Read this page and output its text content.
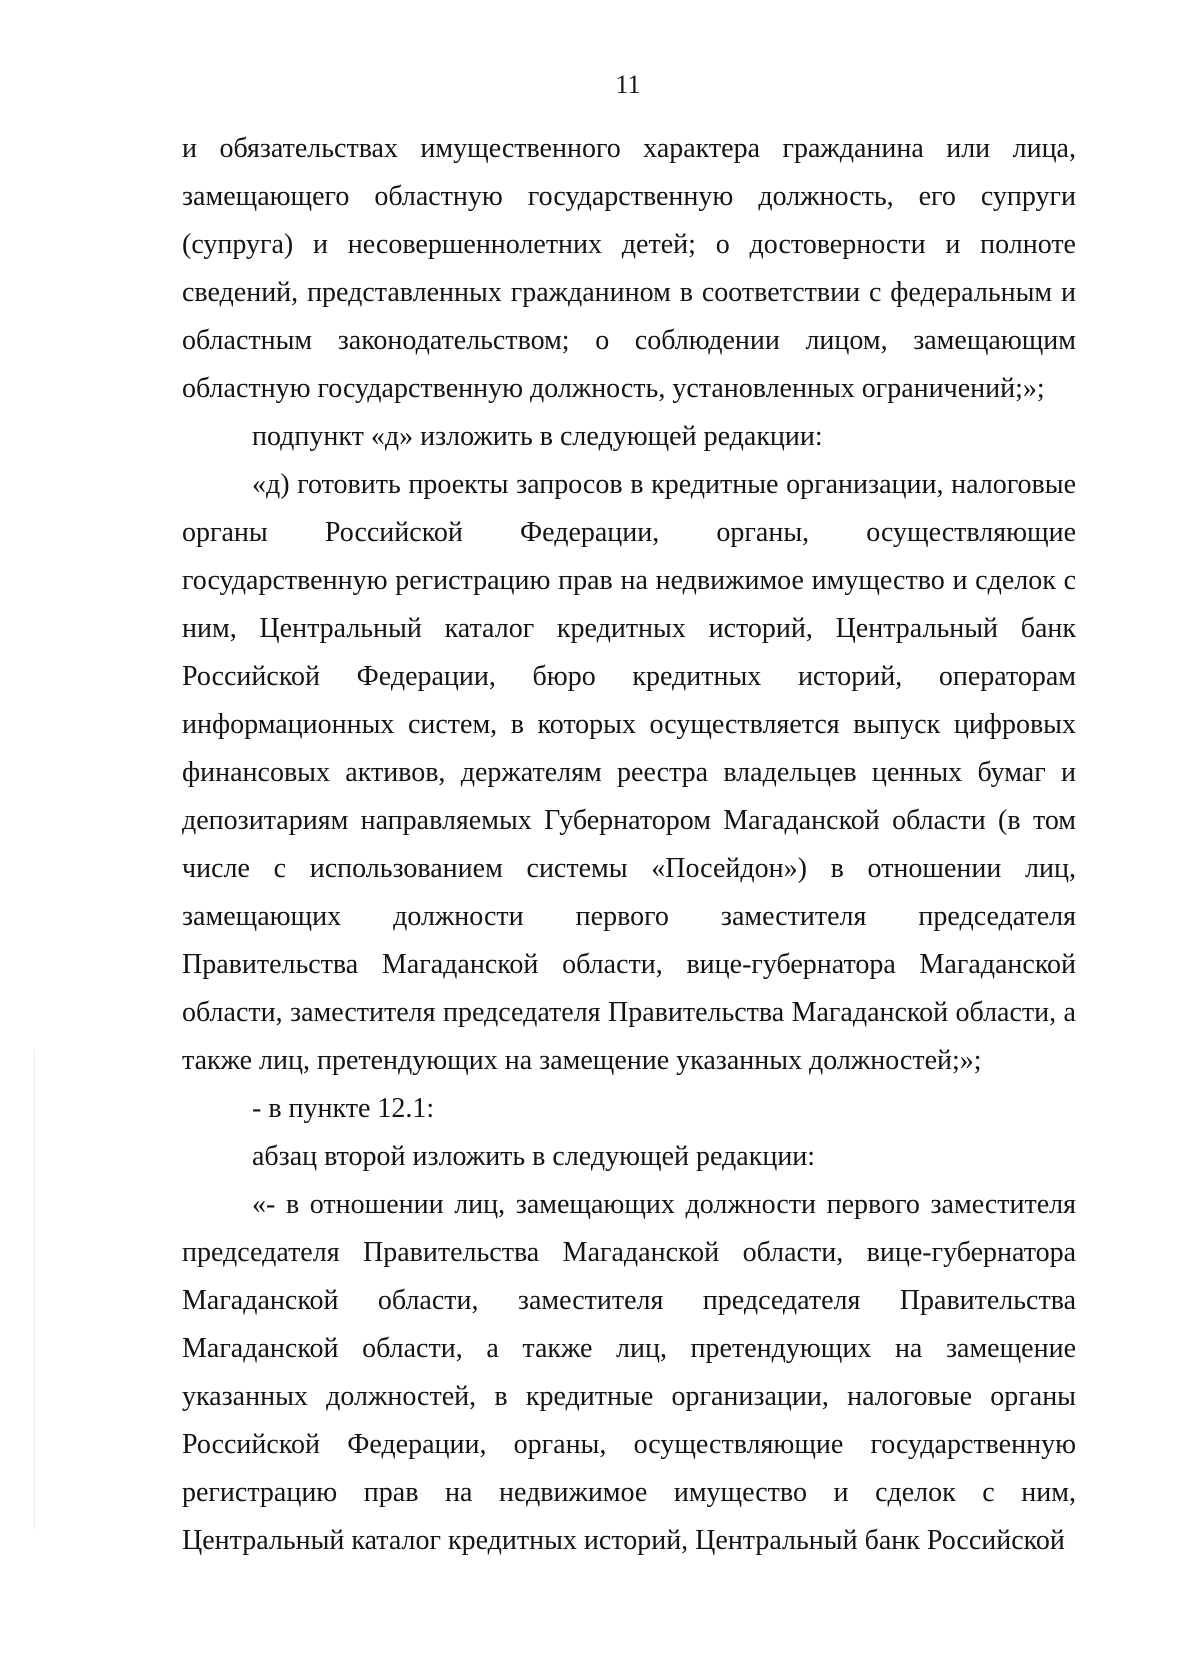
11

и обязательствах имущественного характера гражданина или лица, замещающего областную государственную должность, его супруги (супруга) и несовершеннолетних детей; о достоверности и полноте сведений, представленных гражданином в соответствии с федеральным и областным законодательством; о соблюдении лицом, замещающим областную государственную должность, установленных ограничений;»;

подпункт «д» изложить в следующей редакции:

«д) готовить проекты запросов в кредитные организации, налоговые органы Российской Федерации, органы, осуществляющие государственную регистрацию прав на недвижимое имущество и сделок с ним, Центральный каталог кредитных историй, Центральный банк Российской Федерации, бюро кредитных историй, операторам информационных систем, в которых осуществляется выпуск цифровых финансовых активов, держателям реестра владельцев ценных бумаг и депозитариям направляемых Губернатором Магаданской области (в том числе с использованием системы «Посейдон») в отношении лиц, замещающих должности первого заместителя председателя Правительства Магаданской области, вице-губернатора Магаданской области, заместителя председателя Правительства Магаданской области, а также лиц, претендующих на замещение указанных должностей;»;

- в пункте 12.1:

абзац второй изложить в следующей редакции:

«- в отношении лиц, замещающих должности первого заместителя председателя Правительства Магаданской области, вице-губернатора Магаданской области, заместителя председателя Правительства Магаданской области, а также лиц, претендующих на замещение указанных должностей, в кредитные организации, налоговые органы Российской Федерации, органы, осуществляющие государственную регистрацию прав на недвижимое имущество и сделок с ним, Центральный каталог кредитных историй, Центральный банк Российской
